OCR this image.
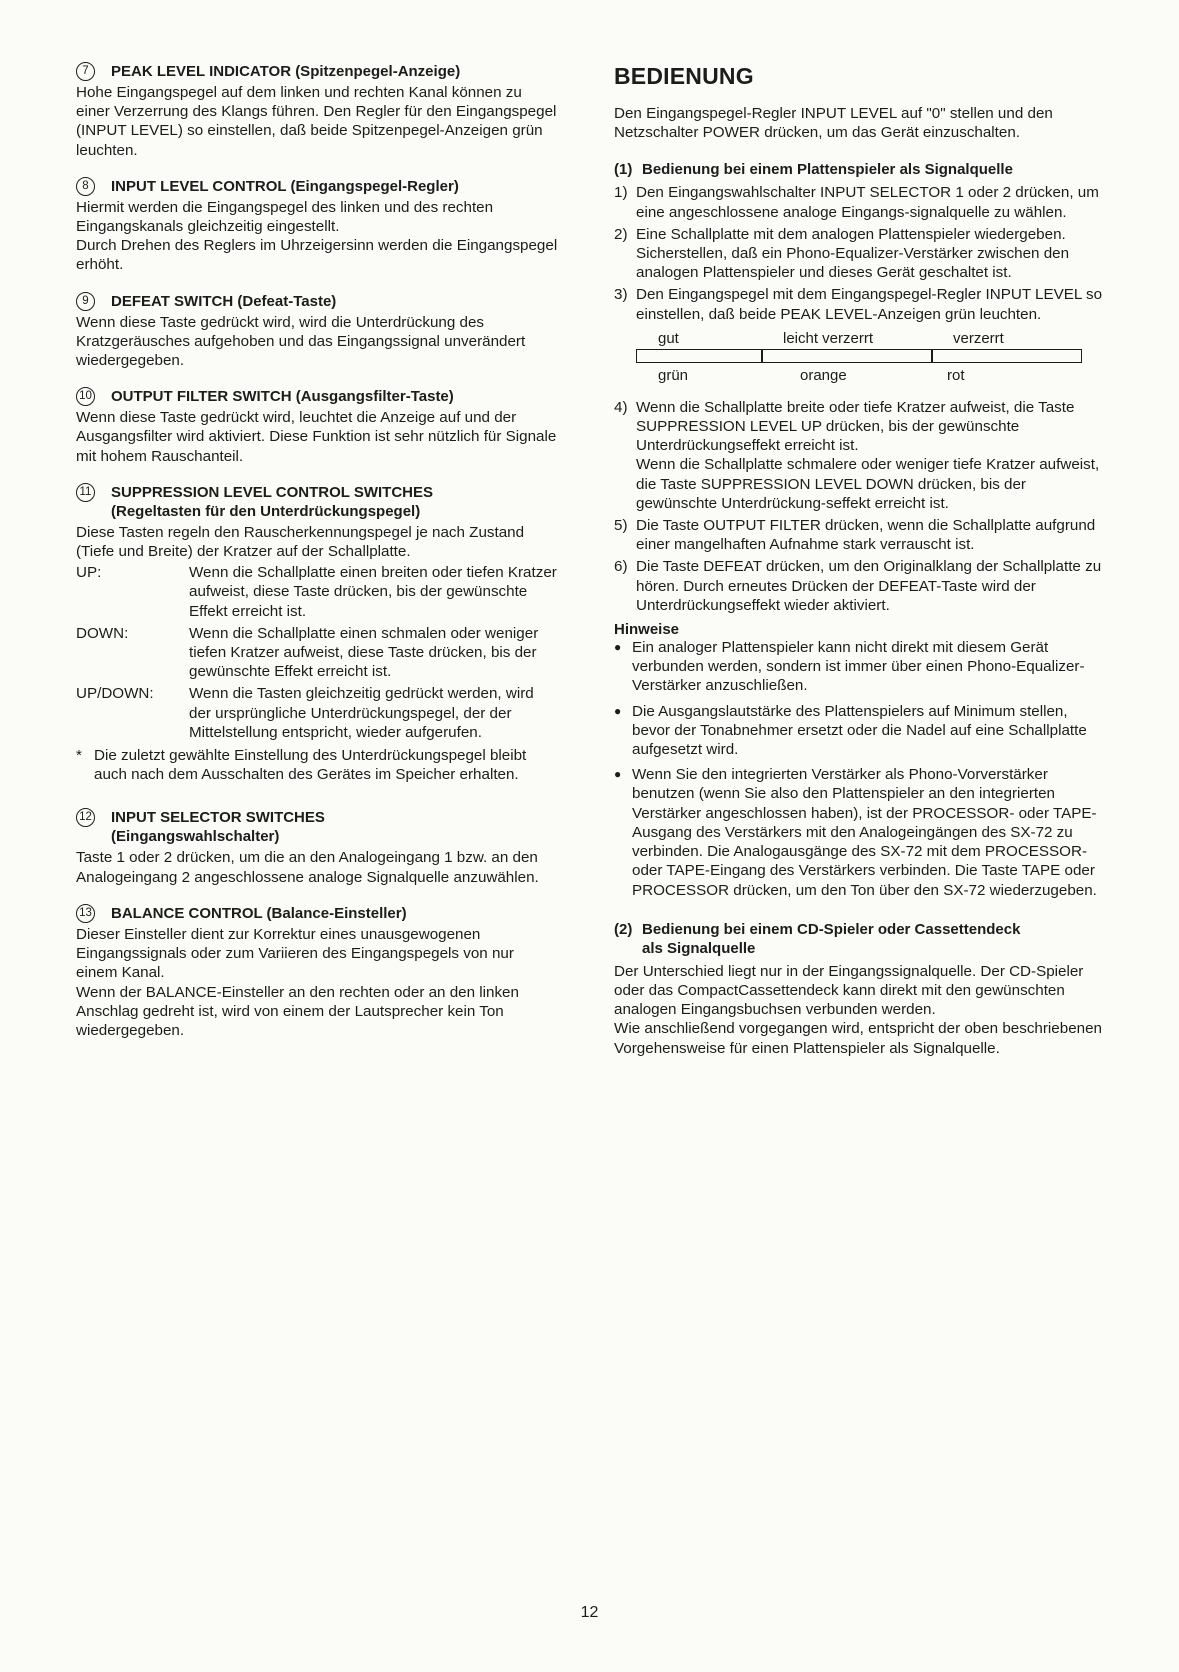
7	PEAK LEVEL INDICATOR (Spitzenpegel-Anzeige)

Hohe Eingangspegel auf dem linken und rechten Kanal können zu einer Verzerrung des Klangs führen. Den Regler für den Eingangspegel (INPUT LEVEL) so einstellen, daß beide Spitzenpegel-Anzeigen grün leuchten.

8	INPUT LEVEL CONTROL (Eingangspegel-Regler)

Hiermit werden die Eingangspegel des linken und des rechten Eingangskanals gleichzeitig eingestellt.

Durch Drehen des Reglers im Uhrzeigersinn werden die Eingangspegel erhöht.

9	DEFEAT SWITCH (Defeat-Taste)

Wenn diese Taste gedrückt wird, wird die Unterdrückung des Kratzgeräusches aufgehoben und das Eingangssignal unverändert wiedergegeben.

10 OUTPUT FILTER SWITCH (Ausgangsfilter-Taste)

Wenn diese Taste gedrückt wird, leuchtet die Anzeige auf und der Ausgangsfilter wird aktiviert. Diese Funktion ist sehr nützlich für Signale mit hohem Rauschanteil.

11 SUPPRESSION LEVEL CONTROL SWITCHES
(Regeltasten für den Unterdrückungspegel)

Diese Tasten regeln den Rauscherkennungspegel je nach Zustand (Tiefe und Breite) der Kratzer auf der Schallplatte.

UP:	Wenn die Schallplatte einen breiten oder tiefen Kratzer aufweist, diese Taste drücken, bis der gewünschte Effekt erreicht ist.
DOWN:	Wenn die Schallplatte einen schmalen oder weniger tiefen Kratzer aufweist, diese Taste drücken, bis der gewünschte Effekt erreicht ist.
UP/DOWN:	Wenn die Tasten gleichzeitig gedrückt werden, wird der ursprüngliche Unterdrückungspegel, der der Mittelstellung entspricht, wieder aufgerufen.
* Die zuletzt gewählte Einstellung des Unterdrückungspegel bleibt auch nach dem Ausschalten des Gerätes im Speicher erhalten.
12 INPUT SELECTOR SWITCHES
(Eingangswahlschalter)

Taste 1 oder 2 drücken, um die an den Analogeingang 1 bzw. an den Analogeingang 2 angeschlossene analoge Signalquelle anzuwählen.

13 BALANCE CONTROL (Balance-Einsteller)

Dieser Einsteller dient zur Korrektur eines unausgewogenen Eingangssignals oder zum Variieren des Eingangspegels von nur einem Kanal.

Wenn der BALANCE-Einsteller an den rechten oder an den linken Anschlag gedreht ist, wird von einem der Lautsprecher kein Ton wiedergegeben.

BEDIENUNG

Den Eingangspegel-Regler INPUT LEVEL auf "0" stellen und den Netzschalter POWER drücken, um das Gerät einzuschalten.

(1) Bedienung bei einem Plattenspieler als Signalquelle
1) Den Eingangswahlschalter INPUT SELECTOR 1 oder 2 drücken, um eine angeschlossene analoge Eingangs-signalquelle zu wählen.
2) Eine Schallplatte mit dem analogen Plattenspieler wiedergeben.
Sicherstellen, daß ein Phono-Equalizer-Verstärker zwischen den analogen Plattenspieler und dieses Gerät geschaltet ist.
3) Den Eingangspegel mit dem Eingangspegel-Regler INPUT LEVEL so einstellen, daß beide PEAK LEVEL-Anzeigen grün leuchten.
gut	leicht verzerrt	verzerrt
grün	orange	rot
4) Wenn die Schallplatte breite oder tiefe Kratzer aufweist, die Taste SUPPRESSION LEVEL UP drücken, bis der gewünschte Unterdrückungseffekt erreicht ist.
Wenn die Schallplatte schmalere oder weniger tiefe Kratzer aufweist, die Taste SUPPRESSION LEVEL DOWN drücken, bis der gewünschte Unterdrückung-seffekt erreicht ist.
5) Die Taste OUTPUT FILTER drücken, wenn die Schallplatte aufgrund einer mangelhaften Aufnahme stark verrauscht ist.
6) Die Taste DEFEAT drücken, um den Originalklang der Schallplatte zu hören. Durch erneutes Drücken der DEFEAT-Taste wird der Unterdrückungseffekt wieder aktiviert.
Hinweise
● Ein analoger Plattenspieler kann nicht direkt mit diesem Gerät verbunden werden, sondern ist immer über einen Phono-Equalizer-Verstärker anzuschließen.
● Die Ausgangslautstärke des Plattenspielers auf Minimum stellen, bevor der Tonabnehmer ersetzt oder die Nadel auf eine Schallplatte aufgesetzt wird.
● Wenn Sie den integrierten Verstärker als Phono-Vorverstärker benutzen (wenn Sie also den Plattenspieler an den integrierten Verstärker angeschlossen haben), ist der PROCESSOR- oder TAPE- Ausgang des Verstärkers mit den Analogeingängen des SX-72 zu verbinden. Die Analogausgänge des SX-72 mit dem PROCESSOR- oder TAPE-Eingang des Verstärkers verbinden. Die Taste TAPE oder PROCESSOR drücken, um den Ton über den SX-72 wiederzugeben.
(2) Bedienung bei einem CD-Spieler oder Cassettendeck
als Signalquelle

Der Unterschied liegt nur in der Eingangssignalquelle. Der CD-Spieler oder das CompactCassettendeck kann direkt mit den gewünschten analogen Eingangsbuchsen verbunden werden.

Wie anschließend vorgegangen wird, entspricht der oben beschriebenen Vorgehensweise für einen Plattenspieler als Signalquelle.

12
